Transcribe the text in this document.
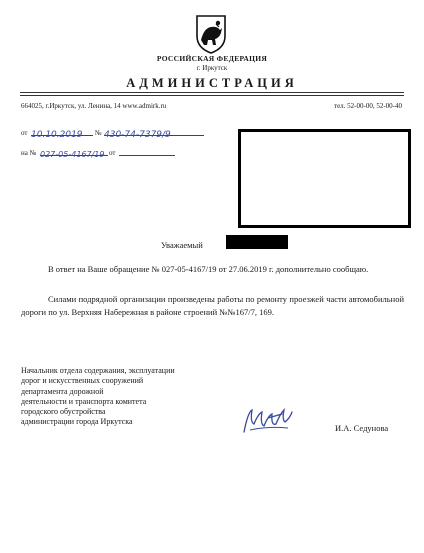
РОССИЙСКАЯ ФЕДЕРАЦИЯ
г. Иркутск
АДМИНИСТРАЦИЯ
664025, г.Иркутск, ул. Ленина, 14 www.admirk.ru	тел. 52-00-00, 52-00-40
от 10.10.2019	№ 430-74-7379/9
на № 027-05-4167/19 от
Уважаемый
В ответ на Ваше обращение № 027-05-4167/19 от 27.06.2019 г. дополнительно сообщаю.
Силами подрядной организации произведены работы по ремонту проезжей части автомобильной дороги по ул. Верхняя Набережная в районе строений №№167/7, 169.
Начальник отдела содержания, эксплуатации
дорог и искусственных сооружений
департамента дорожной
деятельности и транспорта комитета
городского обустройства
администрации города Иркутска
И.А. Седунова
